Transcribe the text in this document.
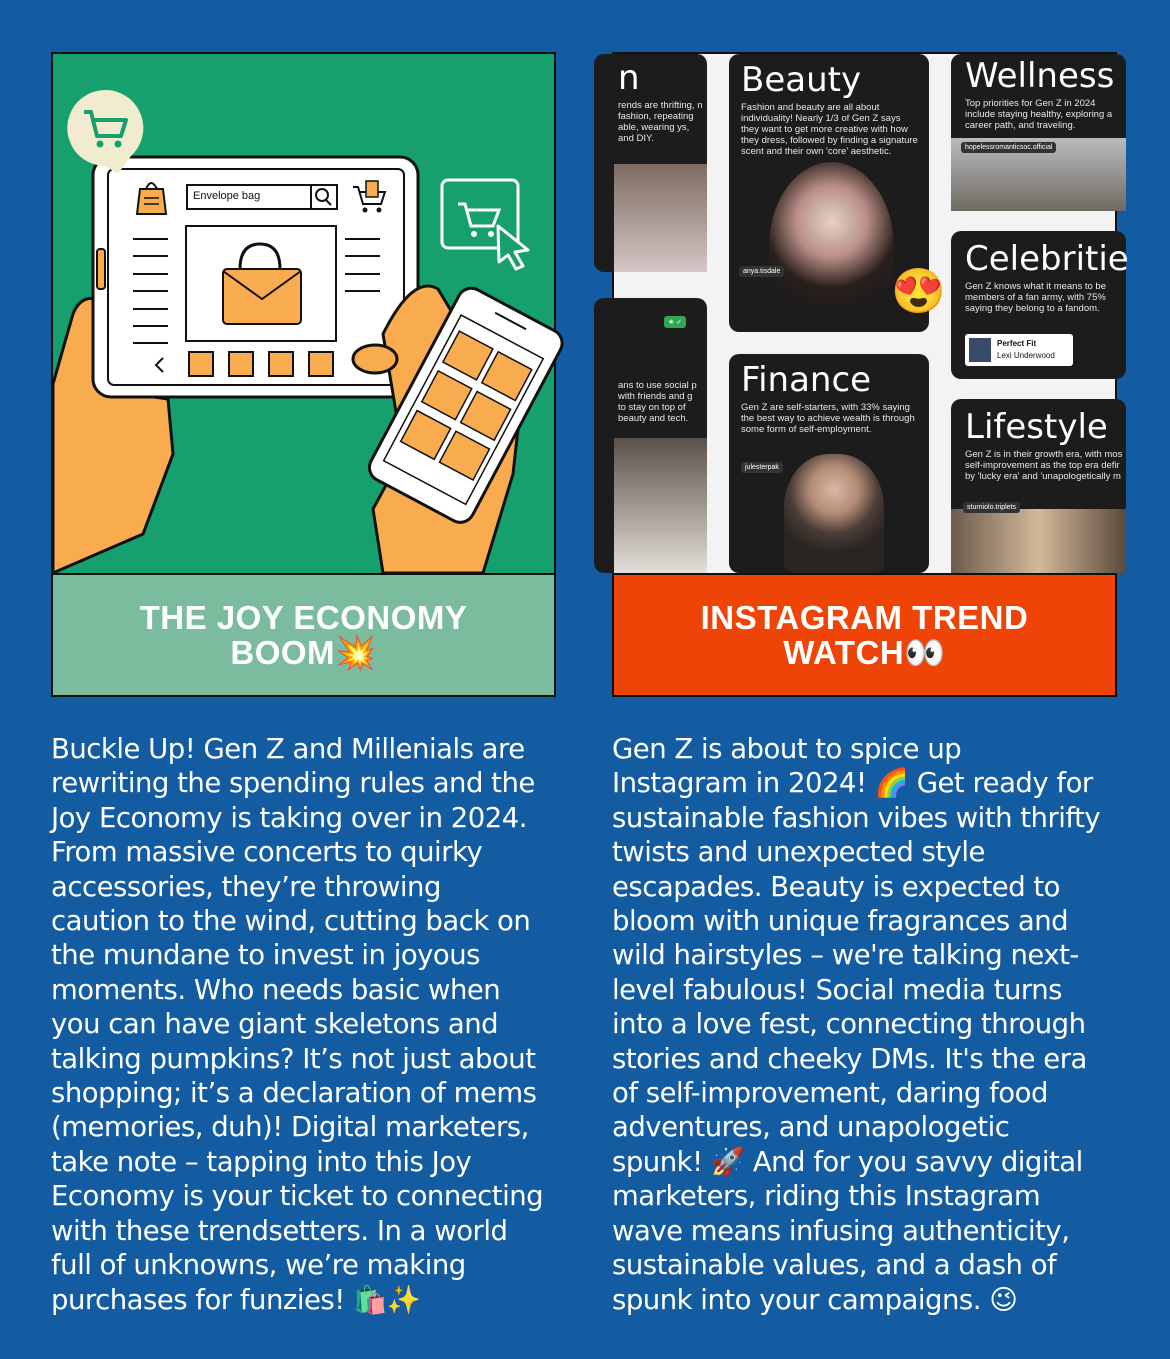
Envelope bag
THE JOY ECONOMY
BOOM💥
n

rends are thrifting, n fashion, repeating able, wearing ys, and DIY.

★ ✓

ans to use social p with friends and g to stay on top of beauty and tech.

Beauty

Fashion and beauty are all about individuality! Nearly 1/3 of Gen Z says they want to get more creative with how they dress, followed by finding a signature scent and their own 'core' aesthetic.

anya.tisdale	😍
Wellness

Top priorities for Gen Z in 2024 include staying healthy, exploring a career path, and traveling.

hopelessromanticsoc.official
Finance

Gen Z are self-starters, with 33% saying the best way to achieve wealth is through some form of self-employment.

julesterpak
Celebritie

Gen Z knows what it means to be members of a fan army, with 75% saying they belong to a fandom.

Perfect Fit
Lexi Underwood
Lifestyle

Gen Z is in their growth era, with mos self-improvement as the top era defir by 'lucky era' and 'unapologetically m

sturniolo.triplets
INSTAGRAM TREND
WATCH👀

Buckle Up! Gen Z and Millenials are
rewriting the spending rules and the
Joy Economy is taking over in 2024.
From massive concerts to quirky
accessories, they’re throwing
caution to the wind, cutting back on
the mundane to invest in joyous
moments. Who needs basic when
you can have giant skeletons and
talking pumpkins? It’s not just about
shopping; it’s a declaration of mems
(memories, duh)! Digital marketers,
take note – tapping into this Joy
Economy is your ticket to connecting
with these trendsetters. In a world
full of unknowns, we’re making
purchases for funzies! 🛍️✨

Gen Z is about to spice up
Instagram in 2024! 🌈 Get ready for
sustainable fashion vibes with thrifty
twists and unexpected style
escapades. Beauty is expected to
bloom with unique fragrances and
wild hairstyles – we're talking next-
level fabulous! Social media turns
into a love fest, connecting through
stories and cheeky DMs. It's the era
of self-improvement, daring food
adventures, and unapologetic
spunk! 🚀 And for you savvy digital
marketers, riding this Instagram
wave means infusing authenticity,
sustainable values, and a dash of
spunk into your campaigns. 😉
